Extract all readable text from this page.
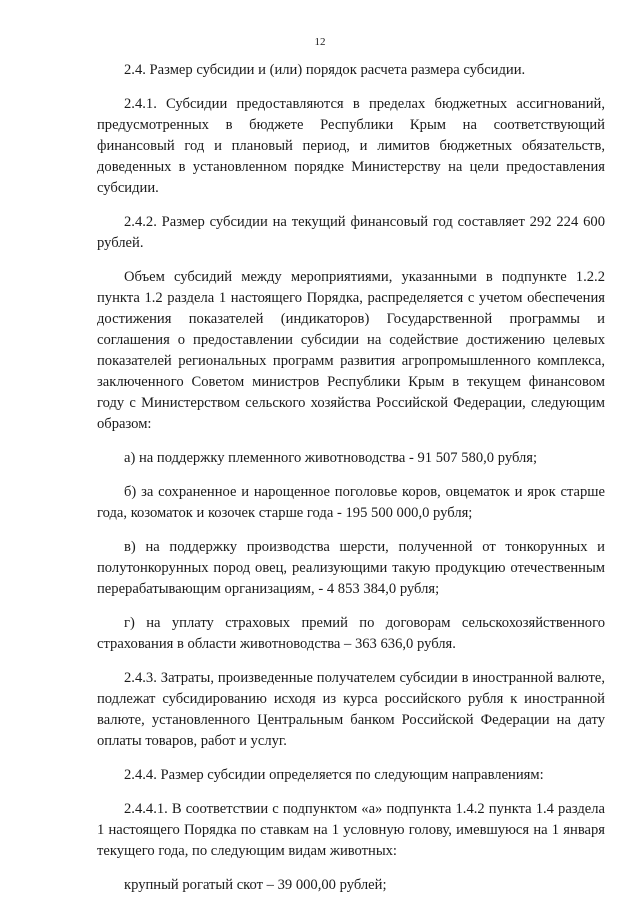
12

2.4. Размер субсидии и (или) порядок расчета размера субсидии.

2.4.1. Субсидии предоставляются в пределах бюджетных ассигнований, предусмотренных в бюджете Республики Крым на соответствующий финансовый год и плановый период, и лимитов бюджетных обязательств, доведенных в установленном порядке Министерству на цели предоставления субсидии.

2.4.2. Размер субсидии на текущий финансовый год составляет 292 224 600 рублей.

Объем субсидий между мероприятиями, указанными в подпункте 1.2.2 пункта 1.2 раздела 1 настоящего Порядка, распределяется с учетом обеспечения достижения показателей (индикаторов) Государственной программы и соглашения о предоставлении субсидии на содействие достижению целевых показателей региональных программ развития агропромышленного комплекса, заключенного Советом министров Республики Крым в текущем финансовом году с Министерством сельского хозяйства Российской Федерации, следующим образом:

а) на поддержку племенного животноводства - 91 507 580,0 рубля;

б) за сохраненное и нарощенное поголовье коров, овцематок и ярок старше года, козоматок и козочек старше года - 195 500 000,0 рубля;

в) на поддержку производства шерсти, полученной от тонкорунных и полутонкорунных пород овец, реализующими такую продукцию отечественным перерабатывающим организациям, - 4 853 384,0 рубля;

г) на уплату страховых премий по договорам сельскохозяйственного страхования в области животноводства – 363 636,0 рубля.

2.4.3. Затраты, произведенные получателем субсидии в иностранной валюте, подлежат субсидированию исходя из курса российского рубля к иностранной валюте, установленного Центральным банком Российской Федерации на дату оплаты товаров, работ и услуг.

2.4.4. Размер субсидии определяется по следующим направлениям:

2.4.4.1. В соответствии с подпунктом «а» подпункта 1.4.2 пункта 1.4 раздела 1 настоящего Порядка по ставкам на 1 условную голову, имевшуюся на 1 января текущего года, по следующим видам животных:

крупный рогатый скот – 39 000,00 рублей;
